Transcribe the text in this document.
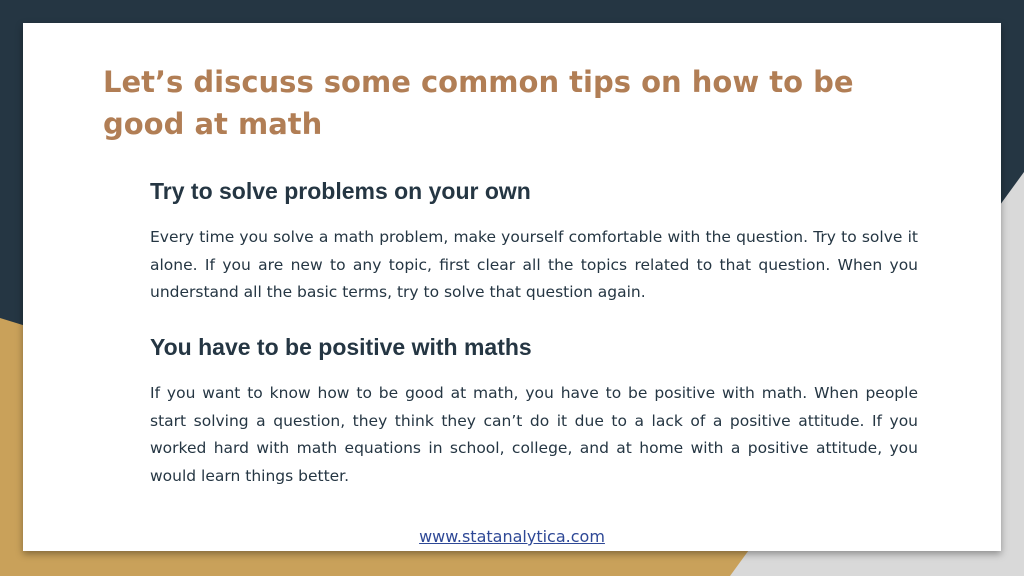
Let’s discuss some common tips on how to be good at math
Try to solve problems on your own

Every time you solve a math problem, make yourself comfortable with the question. Try to solve it alone. If you are new to any topic, first clear all the topics related to that question. When you understand all the basic terms, try to solve that question again.

You have to be positive with maths

If you want to know how to be good at math, you have to be positive with math. When people start solving a question, they think they can’t do it due to a lack of a positive attitude. If you worked hard with math equations in school, college, and at home with a positive attitude, you would learn things better.

www.statanalytica.com
